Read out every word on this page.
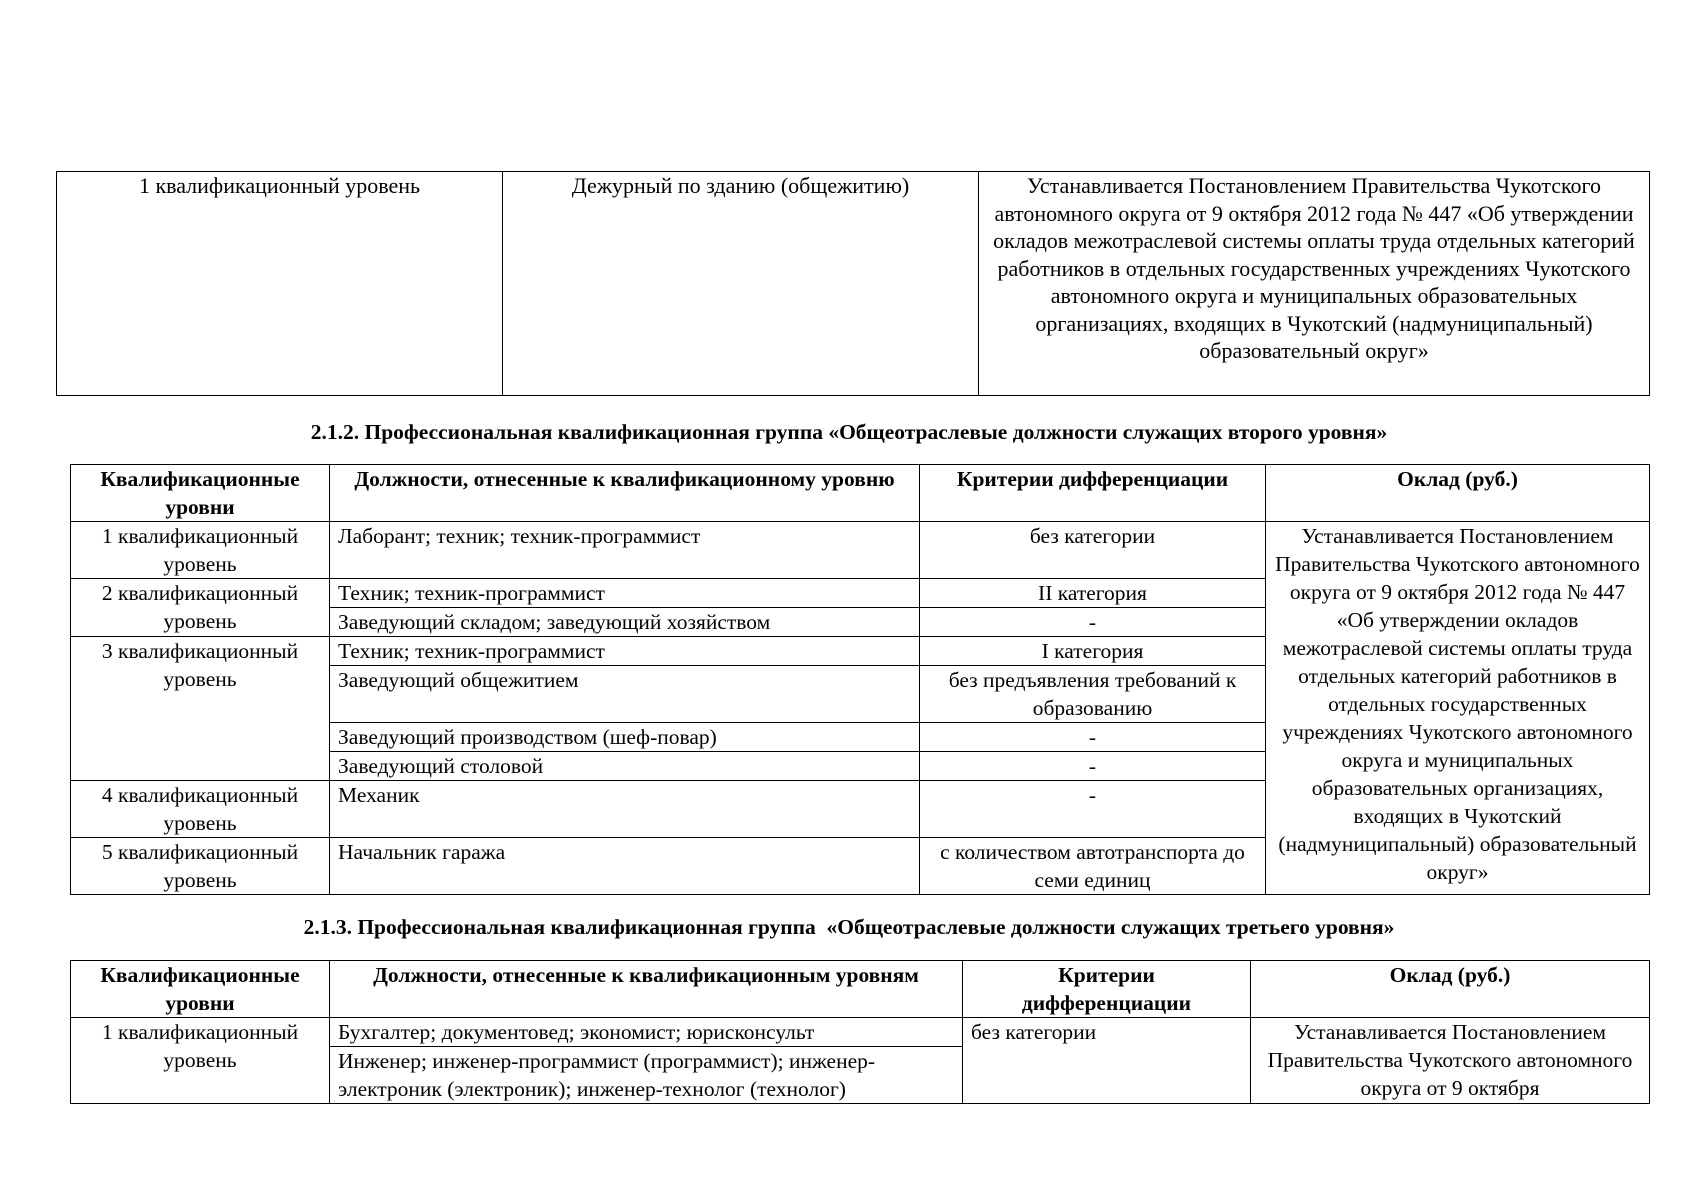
1 квалификационный уровень	Дежурный по зданию (общежитию)	Устанавливается Постановлением Правительства Чукотского автономного округа от 9 октября 2012 года № 447 «Об утверждении окладов межотраслевой системы оплаты труда отдельных категорий работников в отдельных государственных учреждениях Чукотского автономного округа и муниципальных образовательных организациях, входящих в Чукотский (надмуниципальный) образовательный округ»
2.1.2. Профессиональная квалификационная группа «Общеотраслевые должности служащих второго уровня»
Квалификационные уровни	Должности, отнесенные к квалификационному уровню	Критерии дифференциации	Оклад (руб.)
1 квалификационный уровень	Лаборант; техник; техник-программист	без категории	Устанавливается Постановлением Правительства Чукотского автономного округа от 9 октября 2012 года № 447 «Об утверждении окладов межотраслевой системы оплаты труда отдельных категорий работников в отдельных государственных учреждениях Чукотского автономного округа и муниципальных образовательных организациях, входящих в Чукотский (надмуниципальный) образовательный округ»
2 квалификационный уровень	Техник; техник-программист	II категория	
	Заведующий складом; заведующий хозяйством	-	
3 квалификационный уровень	Техник; техник-программист	I категория	
	Заведующий общежитием	без предъявления требований к образованию	
	Заведующий производством (шеф-повар)	-	
	Заведующий столовой	-	
4 квалификационный уровень	Механик	-	
5 квалификационный уровень	Начальник гаража	с количеством автотранспорта до семи единиц	
2.1.3. Профессиональная квалификационная группа  «Общеотраслевые должности служащих третьего уровня»
Квалификационные уровни	Должности, отнесенные к квалификационным уровням	Критерии дифференциации	Оклад (руб.)
1 квалификационный уровень	Бухгалтер; документовед; экономист; юрисконсульт	без категории	Устанавливается Постановлением Правительства Чукотского автономного округа от 9 октября
	Инженер; инженер-программист (программист); инженер-электроник (электроник); инженер-технолог (технолог)		
